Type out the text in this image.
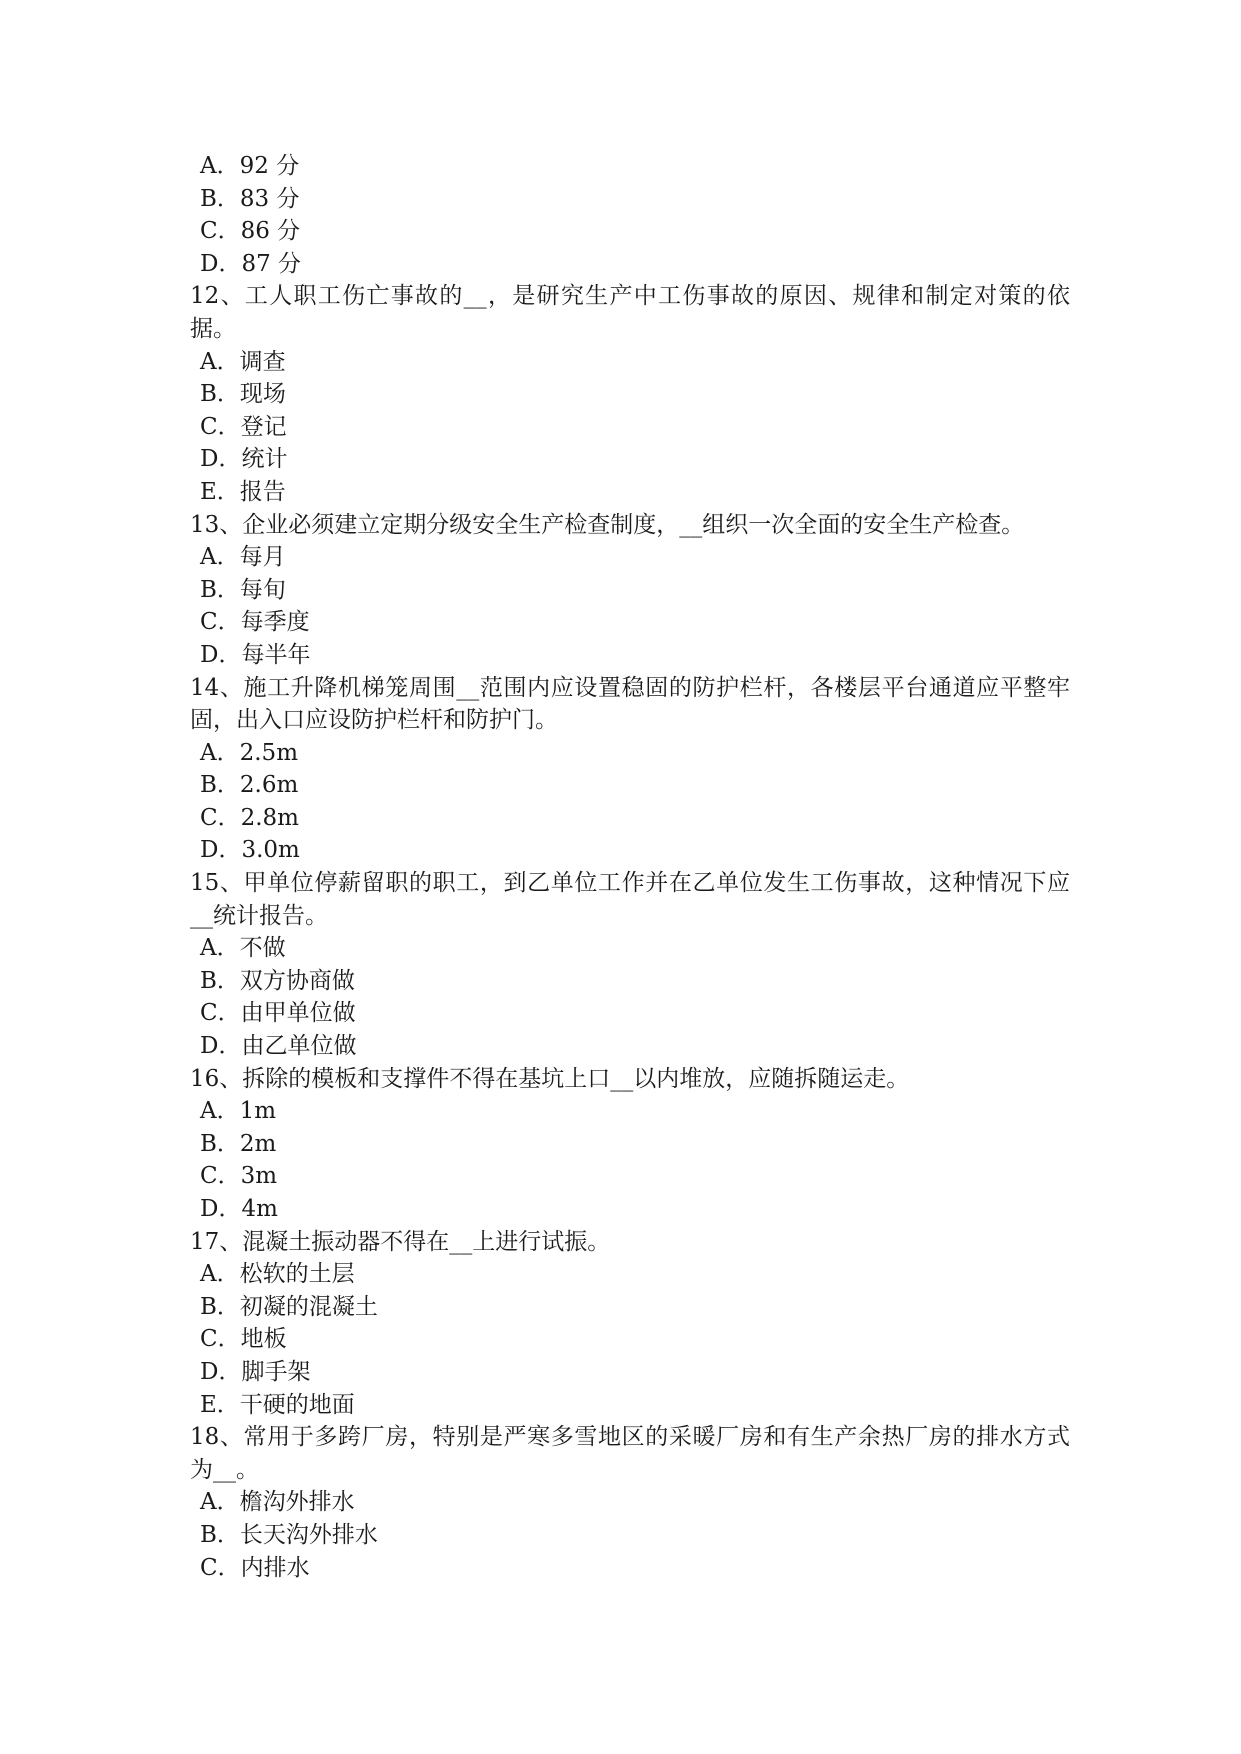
A．92 分
B．83 分
C．86 分
D．87 分

12、工人职工伤亡事故的__，是研究生产中工伤事故的原因、规律和制定对策的依据。

A．调查
B．现场
C．登记
D．统计
E．报告

13、企业必须建立定期分级安全生产检查制度，__组织一次全面的安全生产检查。

A．每月
B．每旬
C．每季度
D．每半年

14、施工升降机梯笼周围__范围内应设置稳固的防护栏杆，各楼层平台通道应平整牢固，出入口应设防护栏杆和防护门。

A．2.5m
B．2.6m
C．2.8m
D．3.0m

15、甲单位停薪留职的职工，到乙单位工作并在乙单位发生工伤事故，这种情况下应__统计报告。

A．不做
B．双方协商做
C．由甲单位做
D．由乙单位做

16、拆除的模板和支撑件不得在基坑上口__以内堆放，应随拆随运走。

A．1m
B．2m
C．3m
D．4m

17、混凝土振动器不得在__上进行试振。

A．松软的土层
B．初凝的混凝土
C．地板
D．脚手架
E．干硬的地面

18、常用于多跨厂房，特别是严寒多雪地区的采暖厂房和有生产余热厂房的排水方式为__。

A．檐沟外排水
B．长天沟外排水
C．内排水
